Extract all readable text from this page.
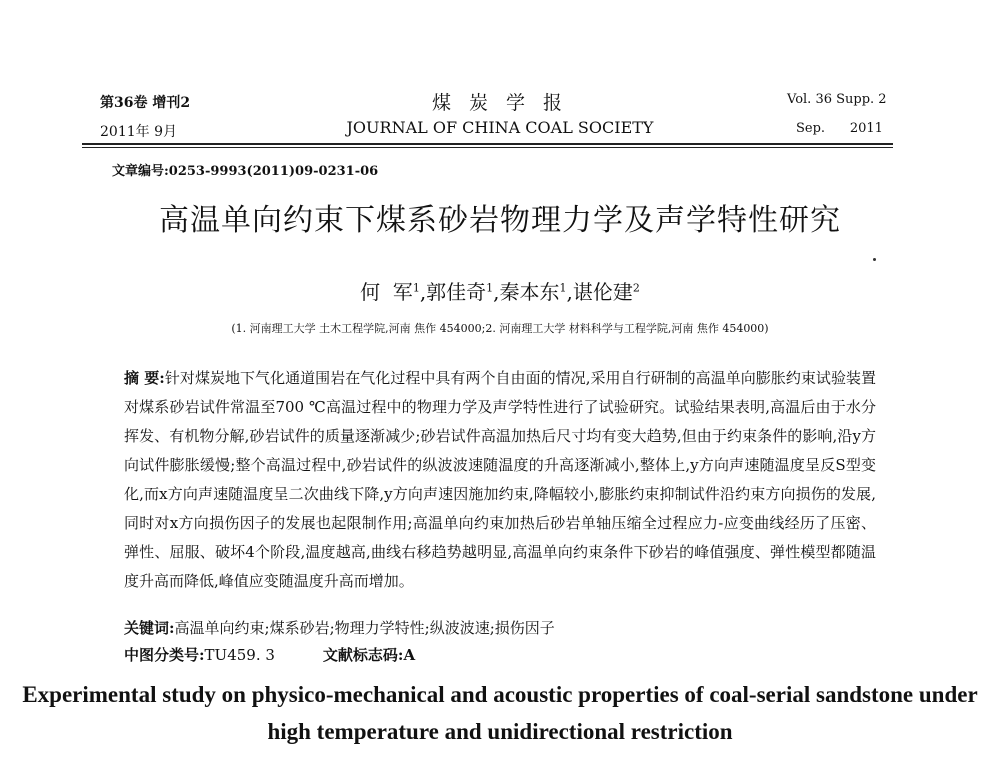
第36卷 增刊2
2011年 9月
煤 炭 学 报
JOURNAL OF CHINA COAL SOCIETY
Vol. 36 Supp. 2
Sep.      2011
文章编号:0253-9993(2011)09-0231-06
高温单向约束下煤系砂岩物理力学及声学特性研究
何  军$^1$,郭佳奇$^1$,秦本东$^1$,谌伦建$^2$
(1. 河南理工大学 土木工程学院,河南 焦作 454000;2. 河南理工大学 材料科学与工程学院,河南 焦作 454000)
摘 要:针对煤炭地下气化通道围岩在气化过程中具有两个自由面的情况,采用自行研制的高温单向膨胀约束试验装置对煤系砂岩试件常温至700 ℃高温过程中的物理力学及声学特性进行了试验研究。试验结果表明,高温后由于水分挥发、有机物分解,砂岩试件的质量逐渐减少;砂岩试件高温加热后尺寸均有变大趋势,但由于约束条件的影响,沿y方向试件膨胀缓慢;整个高温过程中,砂岩试件的纵波波速随温度的升高逐渐减小,整体上,y方向声速随温度呈反S型变化,而x方向声速随温度呈二次曲线下降,y方向声速因施加约束,降幅较小,膨胀约束抑制试件沿约束方向损伤的发展,同时对x方向损伤因子的发展也起限制作用;高温单向约束加热后砂岩单轴压缩全过程应力-应变曲线经历了压密、弹性、屈服、破坏4个阶段,温度越高,曲线右移趋势越明显,高温单向约束条件下砂岩的峰值强度、弹性模型都随温度升高而降低,峰值应变随温度升高而增加。
关键词:高温单向约束;煤系砂岩;物理力学特性;纵波波速;损伤因子
中图分类号:TU459. 3	文献标志码:A
Experimental study on physico-mechanical and acoustic properties of coal-serial sandstone under high temperature and unidirectional restriction
